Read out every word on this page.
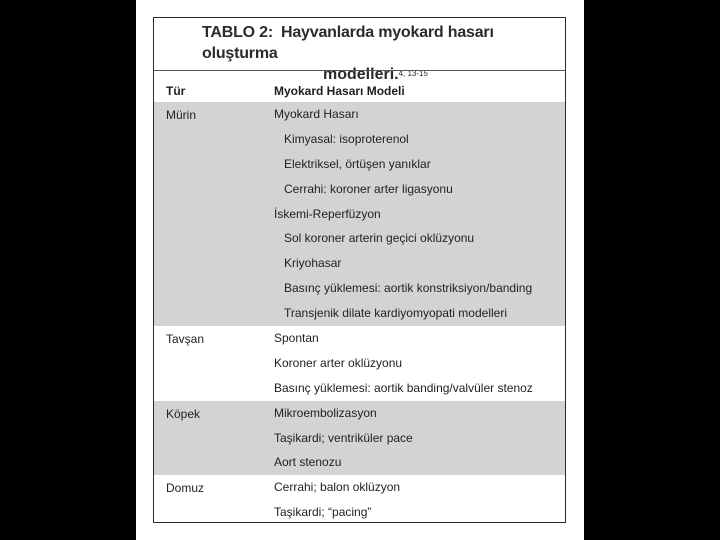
TABLO 2: Hayvanlarda myokard hasarı oluşturma
modelleri.$^{4, 13-15}$
Tür	Myokard Hasarı Modeli
Mürin	Myokard Hasarı
Kimyasal: isoproterenol
Elektriksel, örtüşen yanıklar
Cerrahi: koroner arter ligasyonu
İskemi-Reperfüzyon
Sol koroner arterin geçici oklüzyonu
Kriyohasar
Basınç yüklemesi: aortik konstriksiyon/banding
Transjenik dilate kardiyomyopati modelleri
Tavşan	Spontan
Koroner arter oklüzyonu
Basınç yüklemesi: aortik banding/valvüler stenoz
Köpek	Mikroembolizasyon
Taşikardi; ventriküler pace
Aort stenozu
Domuz	Cerrahi; balon oklüzyon
Taşikardi; “pacing”
